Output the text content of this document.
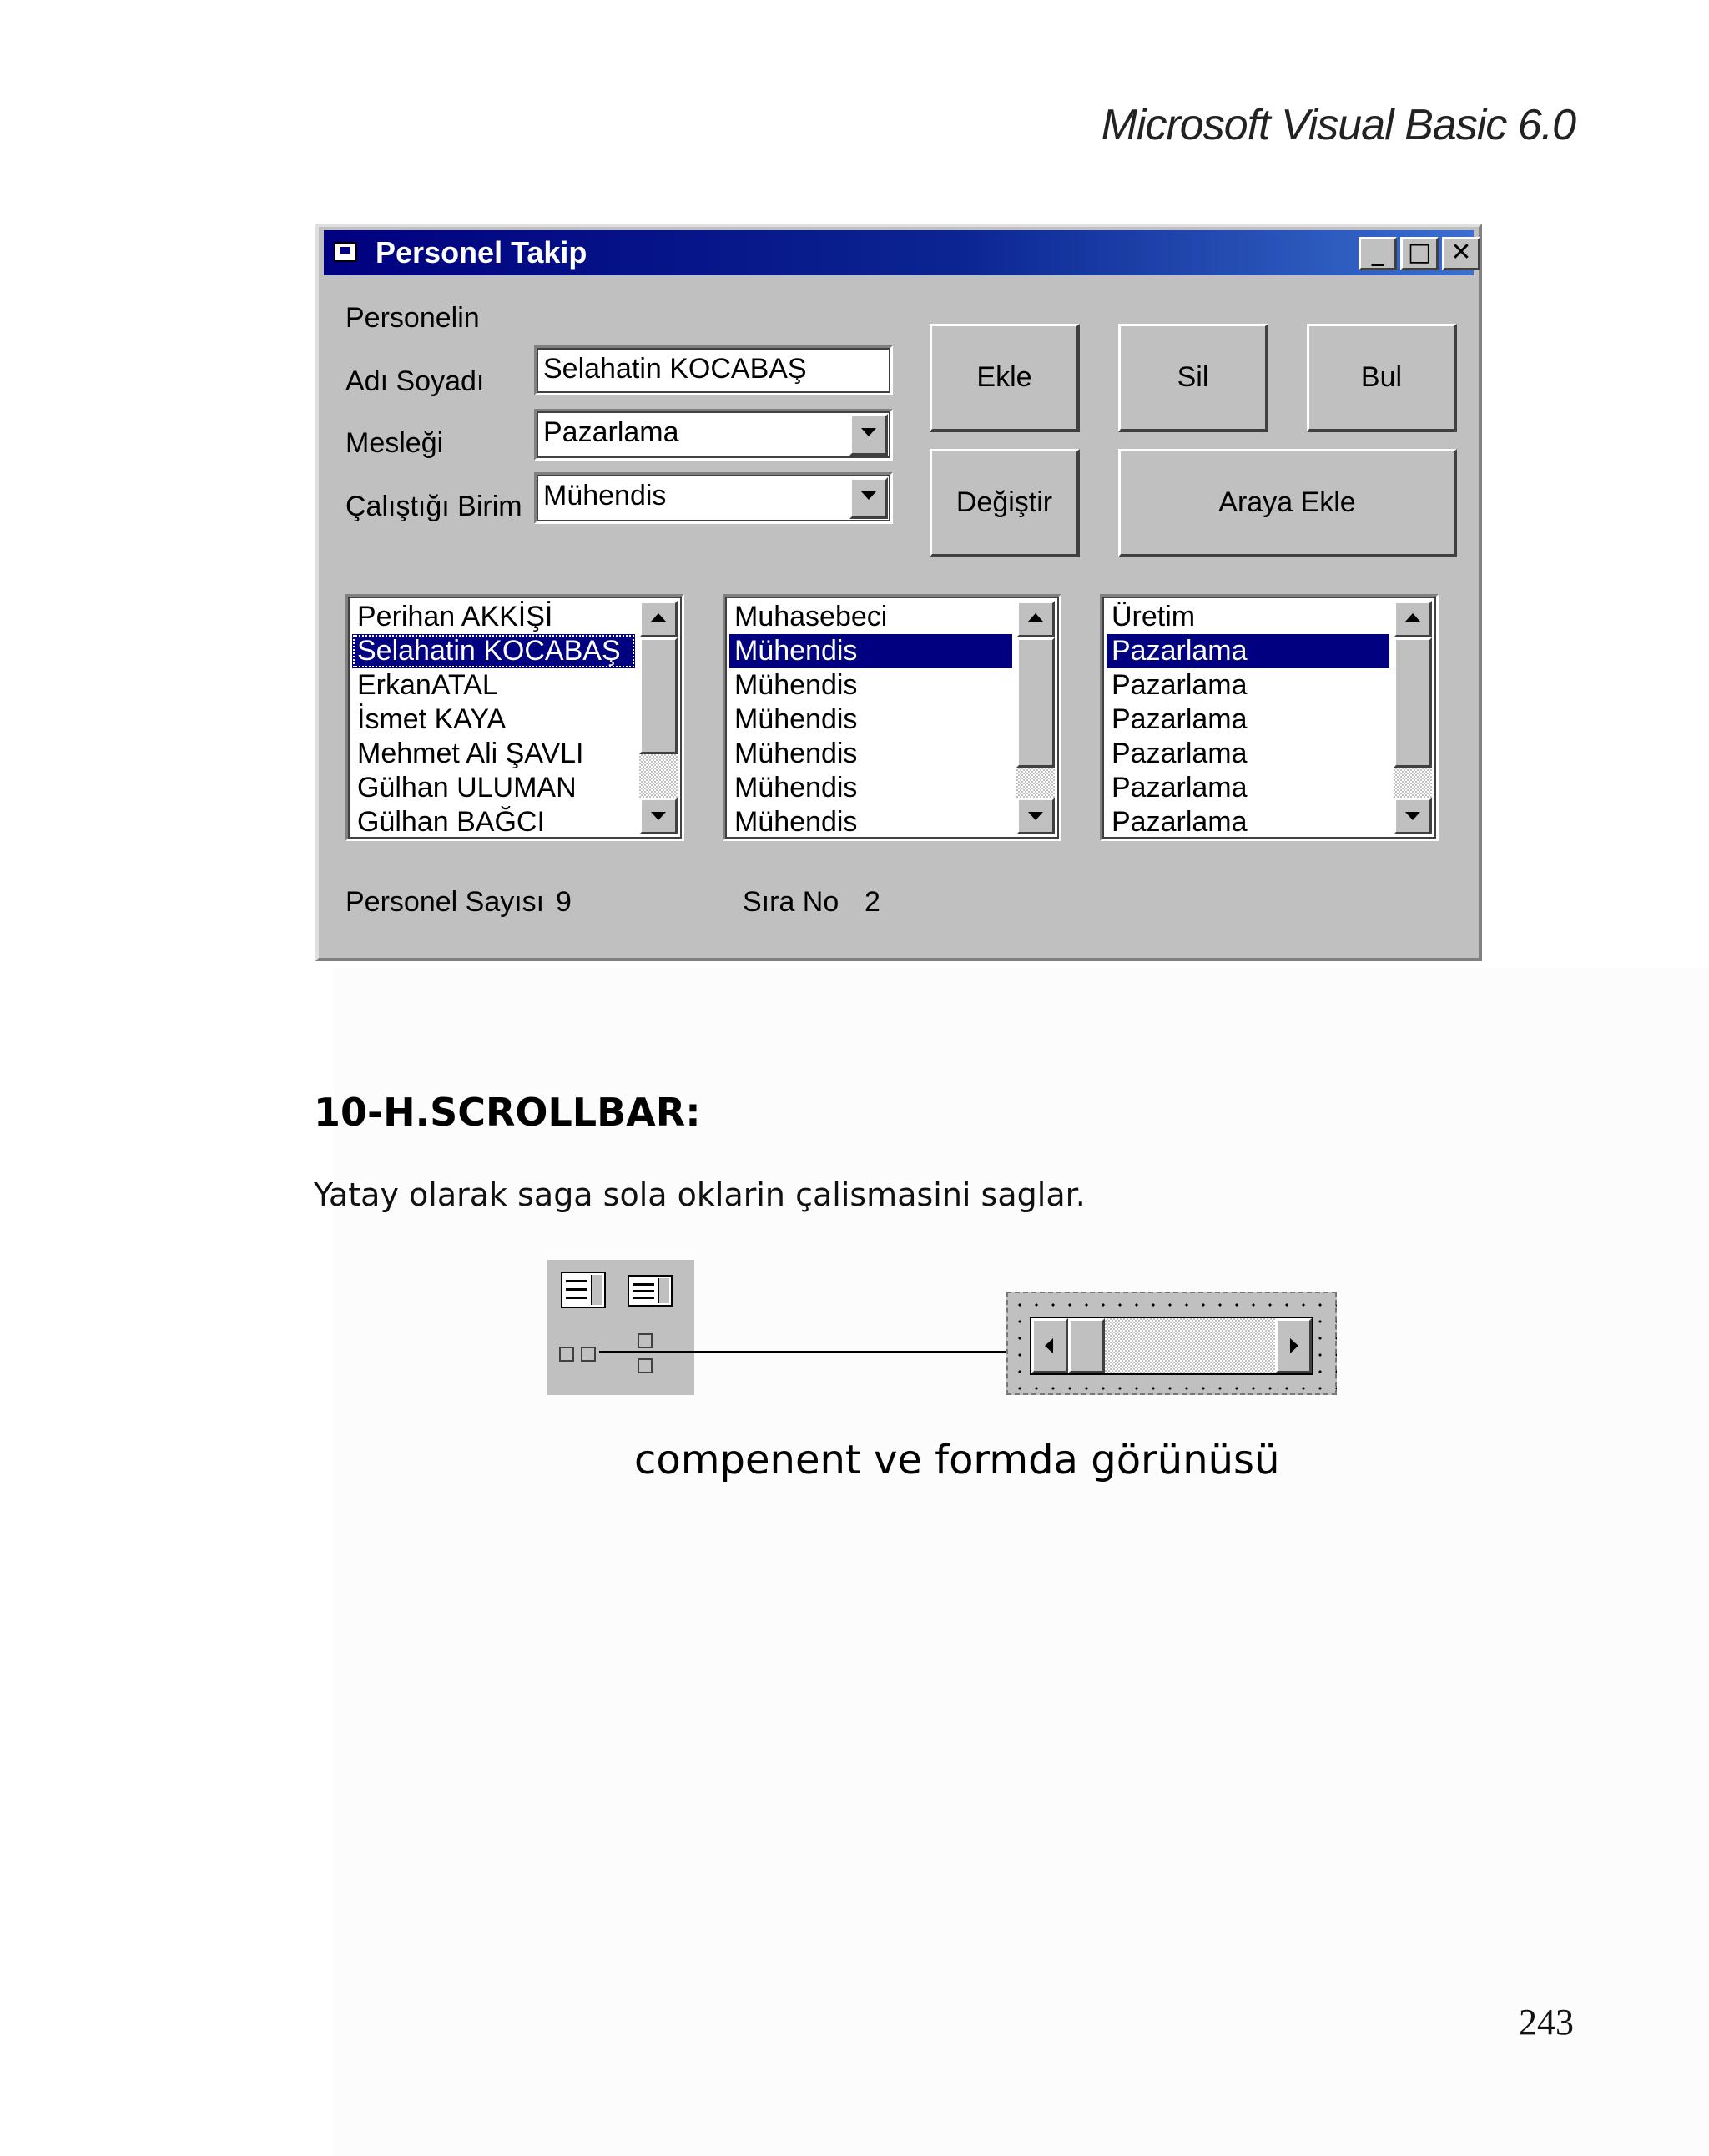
Microsoft Visual Basic 6.0
Personel Takip	_ □ ✕
Personelin
Adı Soyadı
Mesleği
Çalıştığı Birim
Selahatin KOCABAŞ
Pazarlama
Mühendis
Ekle	Sil	Bul
Değiştir	Araya Ekle
Perihan AKKİŞİ
Selahatin KOCABAŞ
ErkanATAL
İsmet KAYA
Mehmet Ali ŞAVLI
Gülhan ULUMAN
Gülhan BAĞCI
Muhasebeci
Mühendis
Mühendis
Mühendis
Mühendis
Mühendis
Mühendis
Üretim
Pazarlama
Pazarlama
Pazarlama
Pazarlama
Pazarlama
Pazarlama
Personel Sayısı 9	Sıra No 2
10-H.SCROLLBAR:
Yatay olarak saga sola oklarin çalismasini saglar.
compenent ve formda görünüsü
243
